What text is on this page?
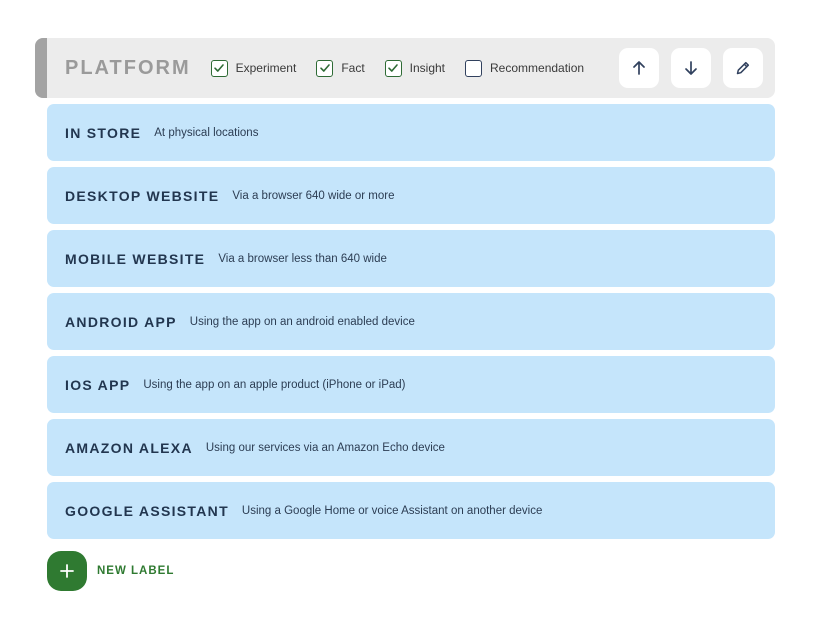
PLATFORM	Experiment	Fact	Insight	Recommendation
IN STORE At physical locations
DESKTOP WEBSITE Via a browser 640 wide or more
MOBILE WEBSITE Via a browser less than 640 wide
ANDROID APP Using the app on an android enabled device
IOS APP Using the app on an apple product (iPhone or iPad)
AMAZON ALEXA Using our services via an Amazon Echo device
GOOGLE ASSISTANT Using a Google Home or voice Assistant on another device
NEW LABEL
